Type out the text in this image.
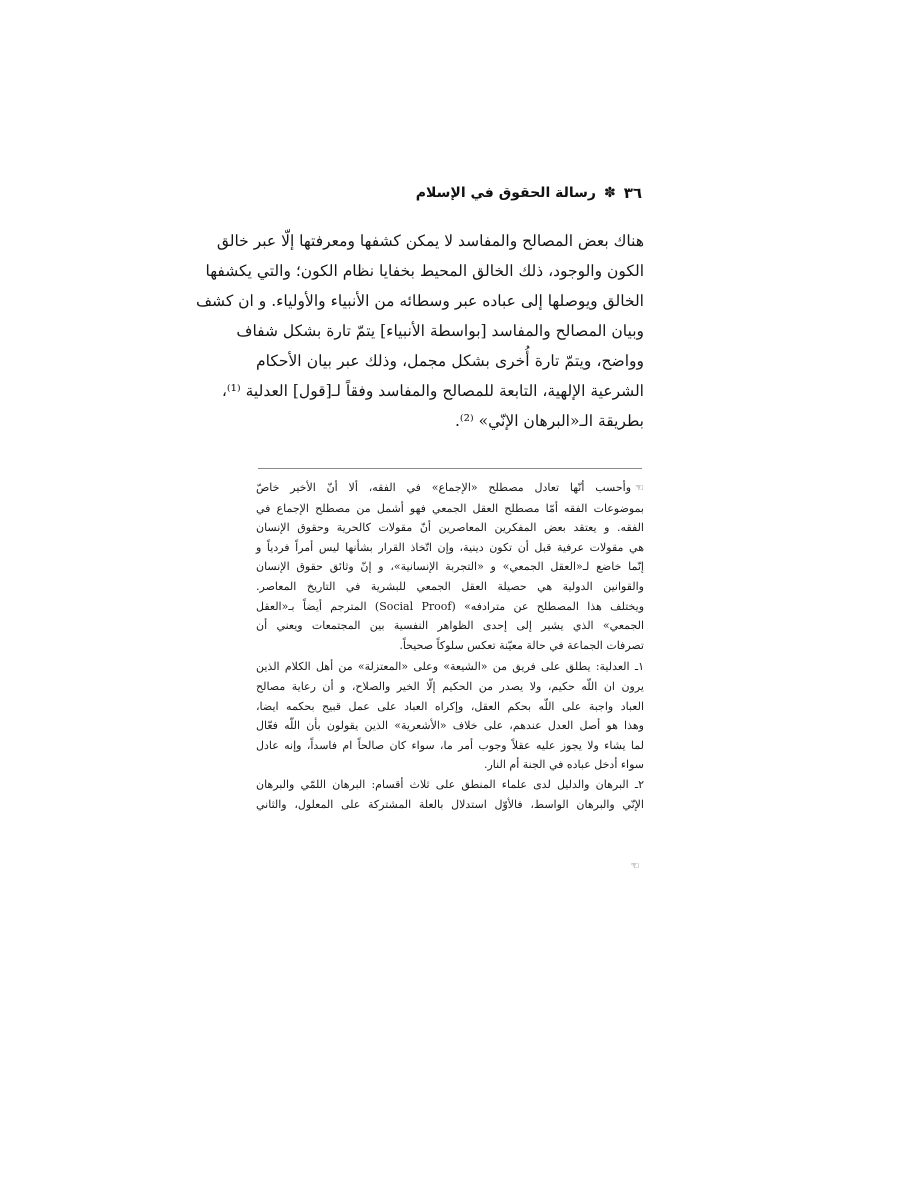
٣٦
✽
رسالة الحقوق في الإسلام
هناك بعض المصالح والمفاسد لا يمكن كشفها ومعرفتها إلّا عبر خالق
الكون والوجود، ذلك الخالق المحيط بخفايا نظام الكون؛ والتي يكشفها
الخالق ويوصلها إلى عباده عبر وسطائه من الأنبياء والأولياء. و ان كشف
وبيان المصالح والمفاسد [بواسطة الأنبياء] يتمّ تارة بشكل شفاف
وواضح، ويتمّ تارة أُخرى بشكل مجمل، وذلك عبر بيان الأحكام
الشرعية الإلهية، التابعة للمصالح والمفاسد وفقاً لـ[قول] العدلية ⁽¹⁾،
بطريقة الـ«البرهان الإنّي» ⁽²⁾.
☜وأحسب أنّها تعادل مصطلح «الإجماع» في الفقه، ألا أنّ الأخير خاصّ
بموضوعات الفقه أمّا مصطلح العقل الجمعي فهو أشمل من مصطلح الإجماع في
الفقه. و يعتقد بعض المفكرين المعاصرين أنّ مقولات كالحرية وحقوق الإنسان
هي مقولات عرفية قبل أن تكون دينية، وإن اتّخاذ القرار بشأنها ليس أمراً فردياً و
إنّما خاضع لـ«العقل الجمعي» و «التجربة الإنسانية»، و إنّ وثائق حقوق الإنسان
والقوانين الدولية هي حصيلة العقل الجمعي للبشرية في التاريخ المعاصر.
ويختلف هذا المصطلح عن مترادفه» (Social Proof) المترجم أيضاً بـ«العقل
الجمعي» الذي يشير إلى إحدى الظواهر النفسية بين المجتمعات ويعني أن
تصرفات الجماعة في حالة معيّنة تعكس سلوكاً صحيحاً.
١ـ العدلية: يطلق على فريق من «الشيعة» وعلى «المعتزلة» من أهل الكلام الذين
يرون ان اللّه حكيم، ولا يصدر من الحكيم إلّا الخير والصلاح، و أن رعاية مصالح
العباد واجبة على اللّه بحكم العقل، وإكراه العباد على عمل قبيح بحكمه ايضا،
وهذا هو أصل العدل عندهم، على خلاف «الأشعرية» الذين يقولون بأن اللّه فعّال
لما يشاء ولا يجوز عليه عقلاً وجوب أمر ما، سواء كان صالحاً ام فاسداً، وإنه عادل
سواء أدخل عباده في الجنة أم النار.
٢ـ البرهان والدليل لدى علماء المنطق على ثلاث أقسام: البرهان اللمّي والبرهان
الإنّي والبرهان الواسط، فالأوّل استدلال بالعلة المشتركة على المعلول، والثاني
☜
